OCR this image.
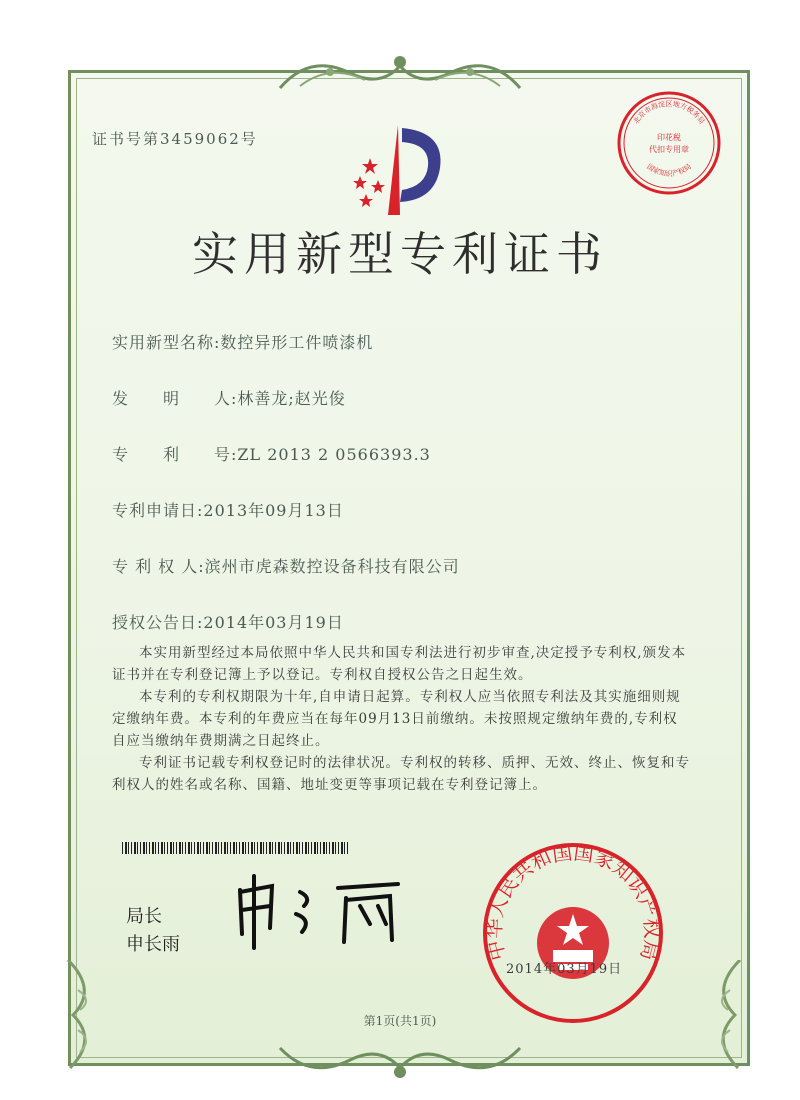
证书号第3459062号
北京市海淀区地方税务局
印花税
代扣专用章
国家知识产权局
实用新型专利证书
实用新型名称:数控异形工件喷漆机
发　　明　　人:林善龙;赵光俊
专　　利　　号:ZL 2013 2 0566393.3
专利申请日:2013年09月13日
专 利 权 人:滨州市虎森数控设备科技有限公司
授权公告日:2014年03月19日

本实用新型经过本局依照中华人民共和国专利法进行初步审查,决定授予专利权,颁发本证书并在专利登记簿上予以登记。专利权自授权公告之日起生效。

本专利的专利权期限为十年,自申请日起算。专利权人应当依照专利法及其实施细则规定缴纳年费。本专利的年费应当在每年09月13日前缴纳。未按照规定缴纳年费的,专利权自应当缴纳年费期满之日起终止。

专利证书记载专利权登记时的法律状况。专利权的转移、质押、无效、终止、恢复和专利权人的姓名或名称、国籍、地址变更等事项记载在专利登记簿上。

局长
申长雨	中华人民共和国国家知识产权局
2014年03月19日
第1页(共1页)
